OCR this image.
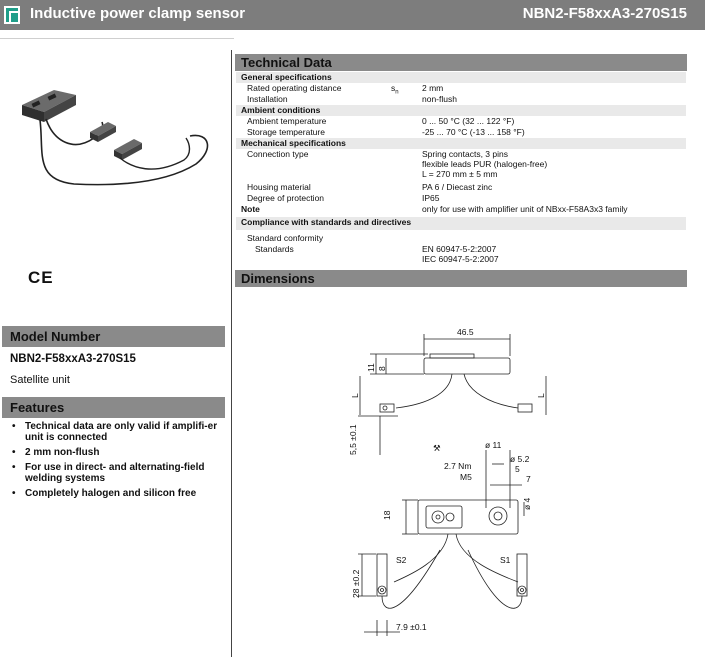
Inductive power clamp sensor	NBN2-F58xxA3-270S15
CE
Model Number
NBN2-F58xxA3-270S15
Satellite unit
Features
• Technical data are only valid if amplifi-er unit is connected
• 2 mm non-flush
• For use in direct- and alternating-field welding systems
• Completely halogen and silicon free
Technical Data
General specifications
Rated operating distance	$s_n$	2 mm
Installation	non-flush
Ambient conditions
Ambient temperature	0 ... 50 °C (32 ... 122 °F)
Storage temperature	-25 ... 70 °C (-13 ... 158 °F)
Mechanical specifications
Connection type	Spring contacts, 3 pins
flexible leads PUR (halogen-free)
L = 270 mm ± 5 mm
Housing material	PA 6 / Diecast zinc
Degree of protection	IP65
Note	only for use with amplifier unit of NBxx-F58A3x3 family
Compliance with standards and directives
Standard conformity
Standards	EN 60947-5-2:2007
IEC 60947-5-2:2007
Dimensions
46.5
11 8
L	L
5,5 ±0.1	ø 11
ø 5.2
⚒
2.7 Nm
M5
5
7
ø 4
18
S2	S1
28 ±0.2
7.9 ±0.1
